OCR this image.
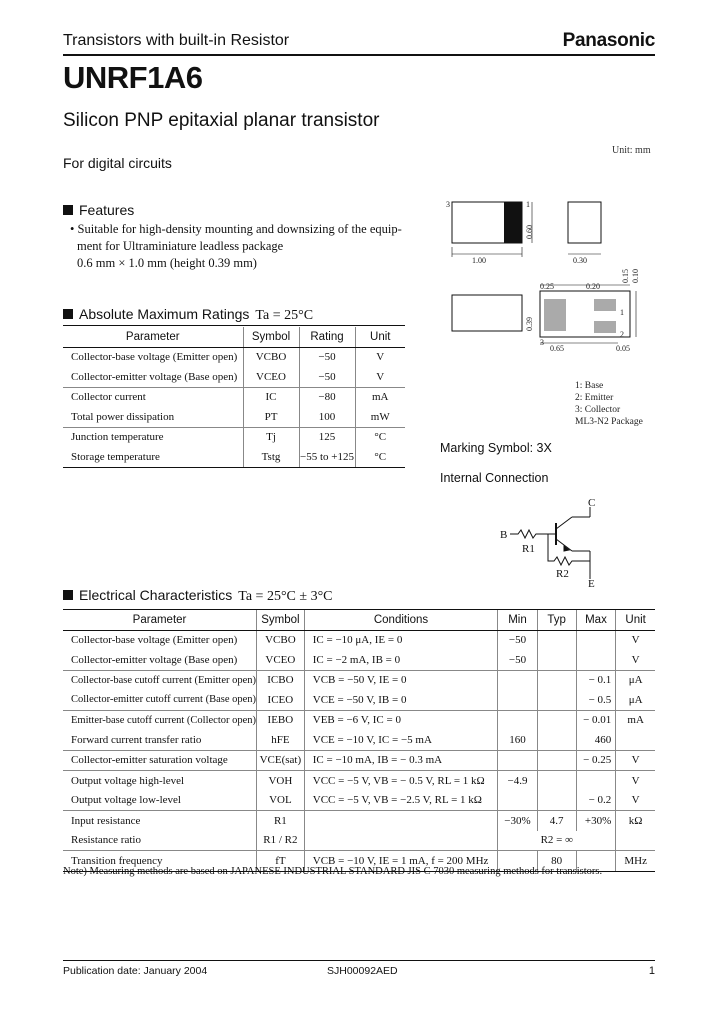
Transistors with built-in Resistor	Panasonic
UNRF1A6
Silicon PNP epitaxial planar transistor
For digital circuits
Unit: mm
3	1
1
2
3
1.00	0.30
0.25	0.20
0.65	0.05
0.60
0.15 0.10
0.39
1: Base
2: Emitter
3: Collector
ML3-N2 Package
Marking Symbol: 3X
Internal Connection
B
C
E
R1
R2
Features
• Suitable for high-density mounting and downsizing of the equip-
ment for Ultraminiature leadless package
0.6 mm × 1.0 mm (height 0.39 mm)
Absolute Maximum Ratings Ta = 25°C
Parameter	Symbol	Rating	Unit
Collector-base voltage (Emitter open)	VCBO	−50	V
Collector-emitter voltage (Base open)	VCEO	−50	V
Collector current	IC	−80	mA
Total power dissipation	PT	100	mW
Junction temperature	Tj	125	°C
Storage temperature	Tstg	−55 to +125	°C
Electrical Characteristics Ta = 25°C ± 3°C
Parameter	Symbol	Conditions	Min	Typ	Max	Unit
Collector-base voltage (Emitter open)	VCBO	IC = −10 μA, IE = 0	−50			V
Collector-emitter voltage (Base open)	VCEO	IC = −2 mA, IB = 0	−50			V
Collector-base cutoff current (Emitter open)	ICBO	VCB = −50 V, IE = 0			− 0.1	μA
Collector-emitter cutoff current (Base open)	ICEO	VCE = −50 V, IB = 0			− 0.5	μA
Emitter-base cutoff current (Collector open)	IEBO	VEB = −6 V, IC = 0			− 0.01	mA
Forward current transfer ratio	hFE	VCE = −10 V, IC = −5 mA	160		460	
Collector-emitter saturation voltage	VCE(sat)	IC = −10 mA, IB = − 0.3 mA			− 0.25	V
Output voltage high-level	VOH	VCC = −5 V, VB = − 0.5 V, RL = 1 kΩ	−4.9			V
Output voltage low-level	VOL	VCC = −5 V, VB = −2.5 V, RL = 1 kΩ			− 0.2	V
Input resistance	R1		−30%	4.7	+30%	kΩ
Resistance ratio	R1 / R2		R2 = ∞			
Transition frequency	fT	VCB = −10 V, IE = 1 mA, f = 200 MHz		80		MHz
Note) Measuring methods are based on JAPANESE INDUSTRIAL STANDARD JIS C 7030 measuring methods for transistors.
Publication date: January 2004	SJH00092AED	1
